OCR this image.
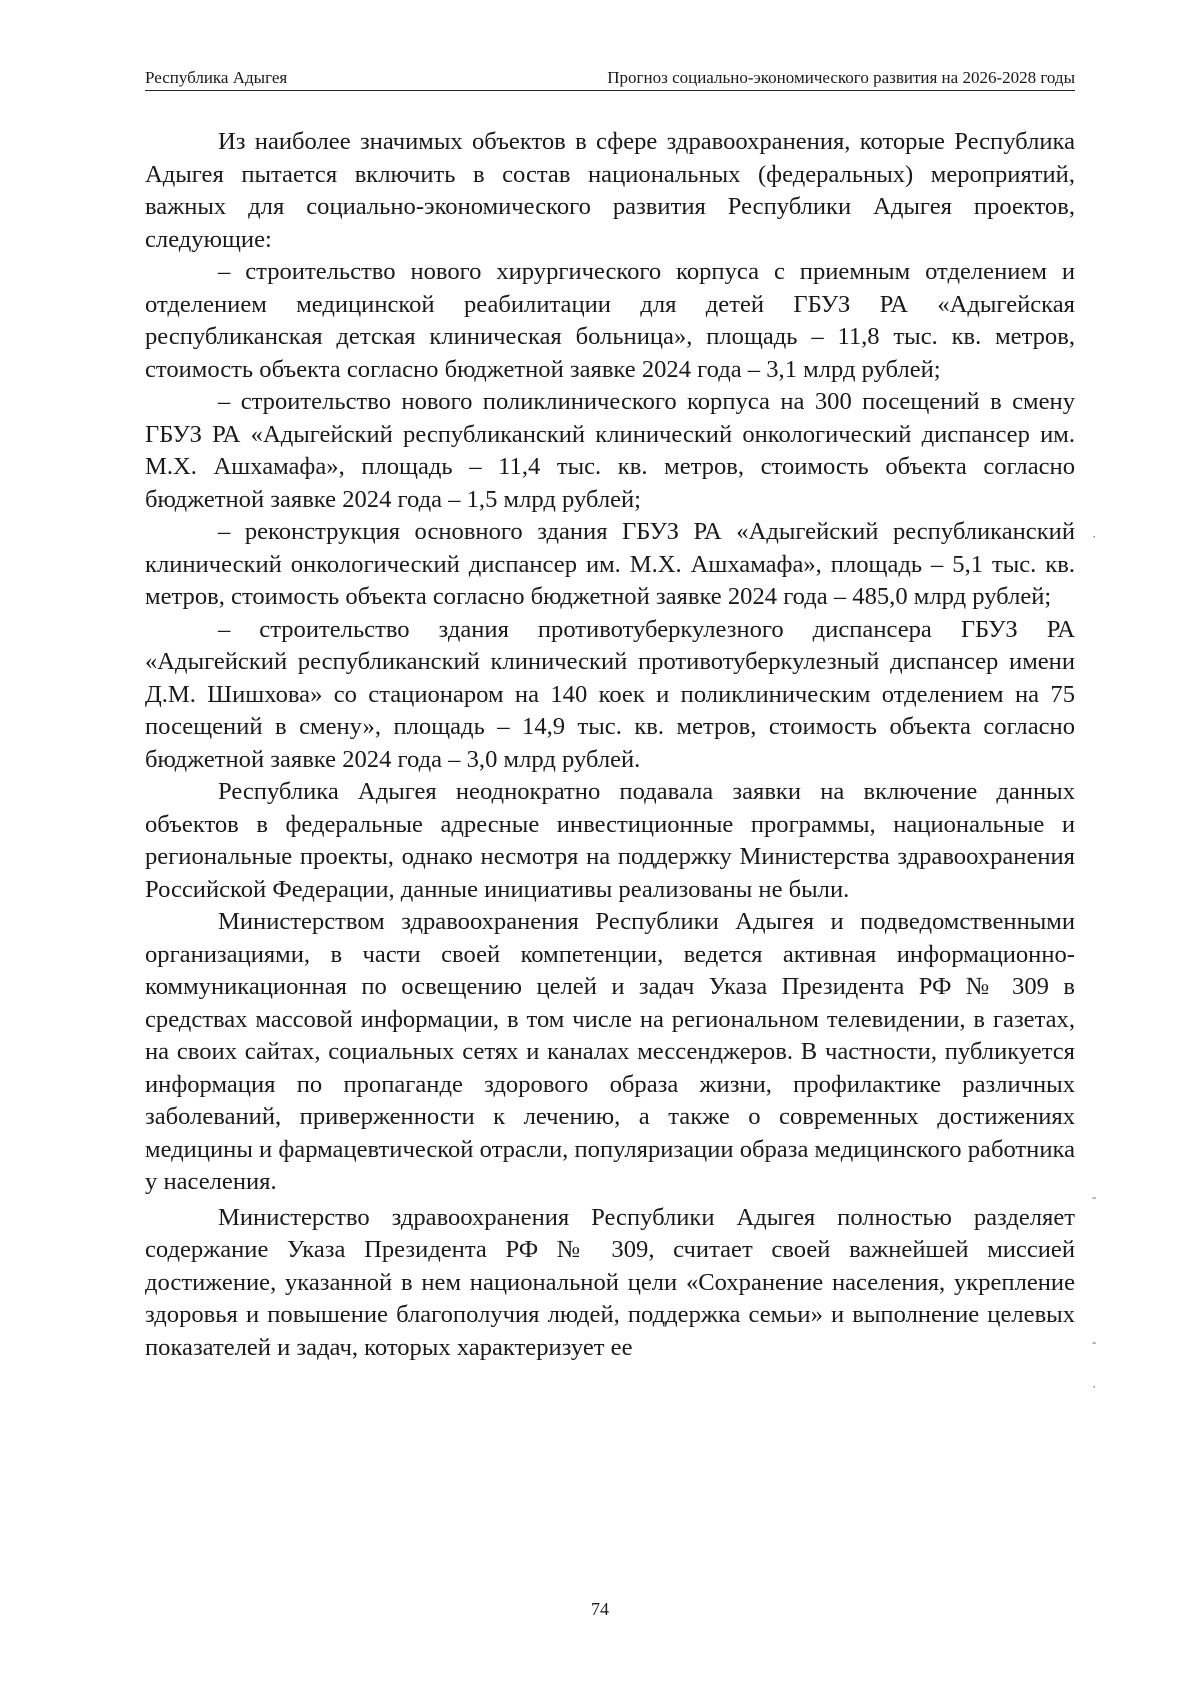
Республика Адыгея	Прогноз социально-экономического развития на 2026-2028 годы

Из наиболее значимых объектов в сфере здравоохранения, которые Республика Адыгея пытается включить в состав национальных (федеральных) мероприятий, важных для социально-экономического развития Республики Адыгея проектов, следующие:

– строительство нового хирургического корпуса с приемным отделением и отделением медицинской реабилитации для детей ГБУЗ РА «Адыгейская республиканская детская клиническая больница», площадь – 11,8 тыс. кв. метров, стоимость объекта согласно бюджетной заявке 2024 года – 3,1 млрд рублей;

– строительство нового поликлинического корпуса на 300 посещений в смену ГБУЗ РА «Адыгейский республиканский клинический онкологический диспансер им. М.Х. Ашхамафа», площадь – 11,4 тыс. кв. метров, стоимость объекта согласно бюджетной заявке 2024 года – 1,5 млрд рублей;

– реконструкция основного здания ГБУЗ РА «Адыгейский республиканский клинический онкологический диспансер им. М.Х. Ашхамафа», площадь – 5,1 тыс. кв. метров, стоимость объекта согласно бюджетной заявке 2024 года – 485,0 млрд рублей;

– строительство здания противотуберкулезного диспансера ГБУЗ РА «Адыгейский республиканский клинический противотуберкулезный диспансер имени Д.М. Шишхова» со стационаром на 140 коек и поликлиническим отделением на 75 посещений в смену», площадь – 14,9 тыс. кв. метров, стоимость объекта согласно бюджетной заявке 2024 года – 3,0 млрд рублей.

Республика Адыгея неоднократно подавала заявки на включение данных объектов в федеральные адресные инвестиционные программы, национальные и региональные проекты, однако несмотря на поддержку Министерства здравоохранения Российской Федерации, данные инициативы реализованы не были.

Министерством здравоохранения Республики Адыгея и подведомственными организациями, в части своей компетенции, ведется активная информационно-коммуникационная по освещению целей и задач Указа Президента РФ № 309 в средствах массовой информации, в том числе на региональном телевидении, в газетах, на своих сайтах, социальных сетях и каналах мессенджеров. В частности, публикуется информация по пропаганде здорового образа жизни, профилактике различных заболеваний, приверженности к лечению, а также о современных достижениях медицины и фармацевтической отрасли, популяризации образа медицинского работника у населения.

Министерство здравоохранения Республики Адыгея полностью разделяет содержание Указа Президента РФ № 309, считает своей важнейшей миссией достижение, указанной в нем национальной цели «Сохранение населения, укрепление здоровья и повышение благополучия людей, поддержка семьи» и выполнение целевых показателей и задач, которых характеризует ее

74
·
-
-
·
